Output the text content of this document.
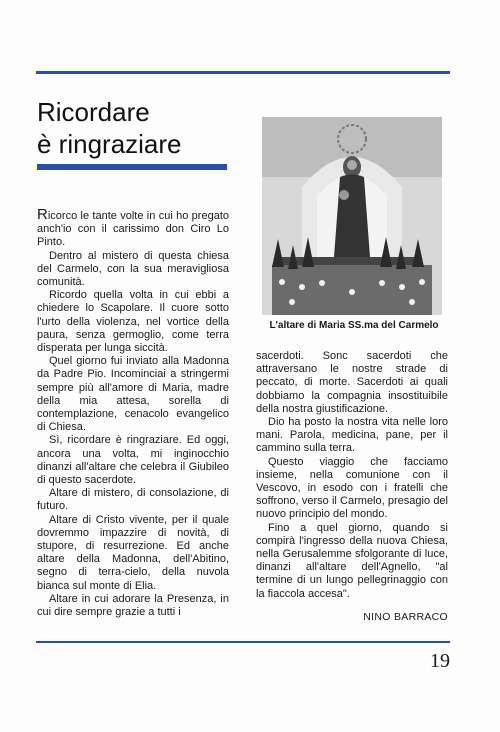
Ricordare
è ringraziare

Ricorco le tante volte in cui ho pregato anch'io con il carissimo don Ciro Lo Pinto.

Dentro al mistero di questa chiesa del Carmelo, con la sua meravigliosa comunità.

Ricordo quella volta in cui ebbi a chiedere lo Scapolare. Il cuore sotto l'urto della violenza, nel vortice della paura, senza germoglio, come terra disperata per lunga siccità.

Quel giorno fui inviato alla Madonna da Padre Pio. Incominciai a stringermi sempre più all'amore di Maria, madre della mia attesa, sorella di contemplazione, cenacolo evangelico di Chiesa.

Sì, ricordare è ringraziare. Ed oggi, ancora una volta, mi inginocchio dinanzi all'altare che celebra il Giubileo di questo sacerdote.

Altare di mistero, di consolazione, di futuro.

Altare di Cristo vivente, per il quale dovremmo impazzire di novità, di stupore, di resurrezione. Ed anche altare della Madonna, dell'Abitino, segno di terra-cielo, della nuvola bianca sul monte di Elia.

Altare in cui adorare la Presenza, in cui dire sempre grazie a tutti i

L'altare di Maria SS.ma del Carmelo

sacerdoti. Sonc sacerdoti che attraversano le nostre strade di peccato, di morte. Sacerdoti ai quali dobbiamo la compagnia insostituibile della nostra giustificazione.

Dio ha posto la nostra vita nelle loro mani. Parola, medicina, pane, per il cammino sulla terra.

Questo viaggio che facciamo insieme, nella comunione con il Vescovo, in esodo con i fratelli che soffrono, verso il Carmelo, presagio del nuovo principio del mondo.

Fino a quel giorno, quando si compirà l'ingresso della nuova Chiesa, nella Gerusalemme sfolgorante di luce, dinanzi all'altare dell'Agnello, "al termine di un lungo pellegrinaggio con la fiaccola accesa".

NINO BARRACO
19
